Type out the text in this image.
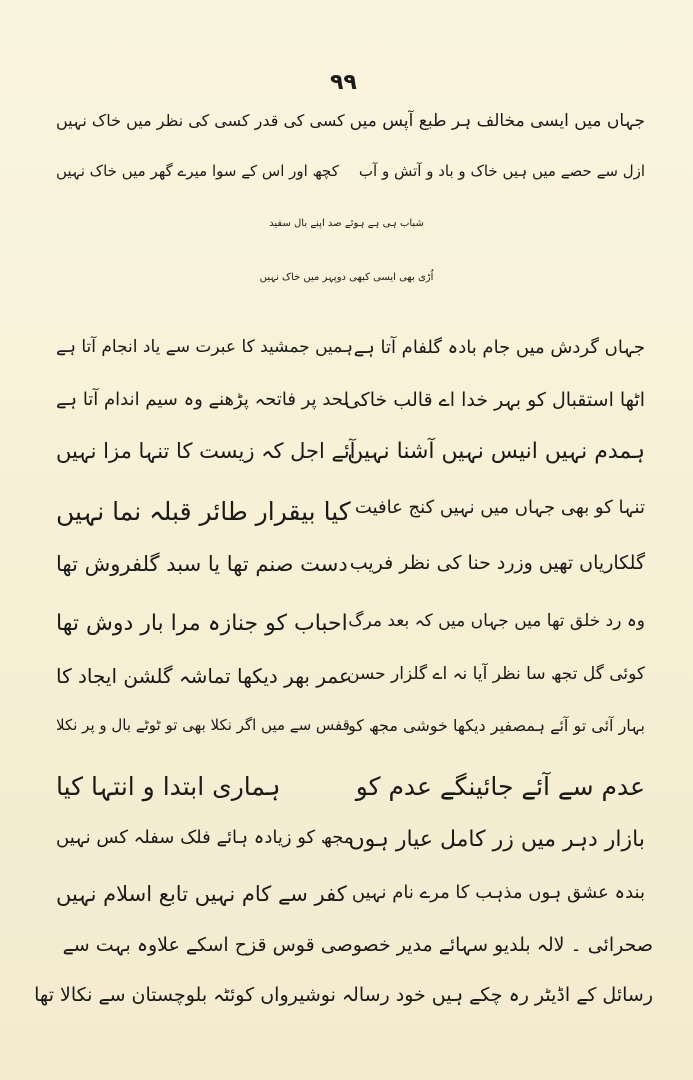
۹۹
جہاں میں ایسی مخالف ہر طبع آپس میں
کسی کی قدر کسی کی نظر میں خاک نہیں
ازل سے حصے میں ہیں خاک و باد و آتش و آب
کچھ اور اس کے سوا میرے گھر میں خاک نہیں
شباب ہی ہے ہوئے صد اپنے بال سفید
اُڑی بھی ایسی کبھی دوپہر میں خاک نہیں
جہاں گردش میں جام بادہ گلفام آتا ہے
ہمیں جمشید کا عبرت سے یاد انجام آتا ہے
اٹھا استقبال کو بہر خدا اے قالب خاکی
لحد پر فاتحہ پڑھنے وہ سیم اندام آتا ہے
ہمدم نہیں انیس نہیں آشنا نہیں
آئے اجل کہ زیست کا تنہا مزا نہیں
تنہا کو بھی جہاں میں نہیں کنج عافیت
کیا بیقرار طائر قبلہ نما نہیں
گلکاریاں تھیں وزرد حنا کی نظر فریب
دست صنم تھا یا سبد گلفروش تھا
وہ رد خلق تھا میں جہاں میں کہ بعد مرگ
احباب کو جنازہ مرا بار دوش تھا
کوئی گل تجھ سا نظر آیا نہ اے گلزار حسن
عمر بھر دیکھا تماشہ گلشن ایجاد کا
بہار آئی تو آئے ہمصفیر دیکھا خوشی مجھ کو
قفس سے میں اگر نکلا بھی تو ٹوٹے بال و پر نکلا
عدم سے آئے جائینگے عدم کو
ہماری ابتدا و انتہا کیا
بازار دہر میں زر کامل عیار ہوں
مجھ کو زیادہ ہائے فلک سفلہ کس نہیں
بندہ عشق ہوں مذہب کا مرے نام نہیں
کفر سے کام نہیں تابع اسلام نہیں
صحرائی ۔ لالہ بلدیو سہائے مدیر خصوصی قوس قزح اسکے علاوہ بہت سے
رسائل کے اڈیٹر رہ چکے ہیں خود رسالہ نوشیرواں کوئٹہ بلوچستان سے نکالا تھا
